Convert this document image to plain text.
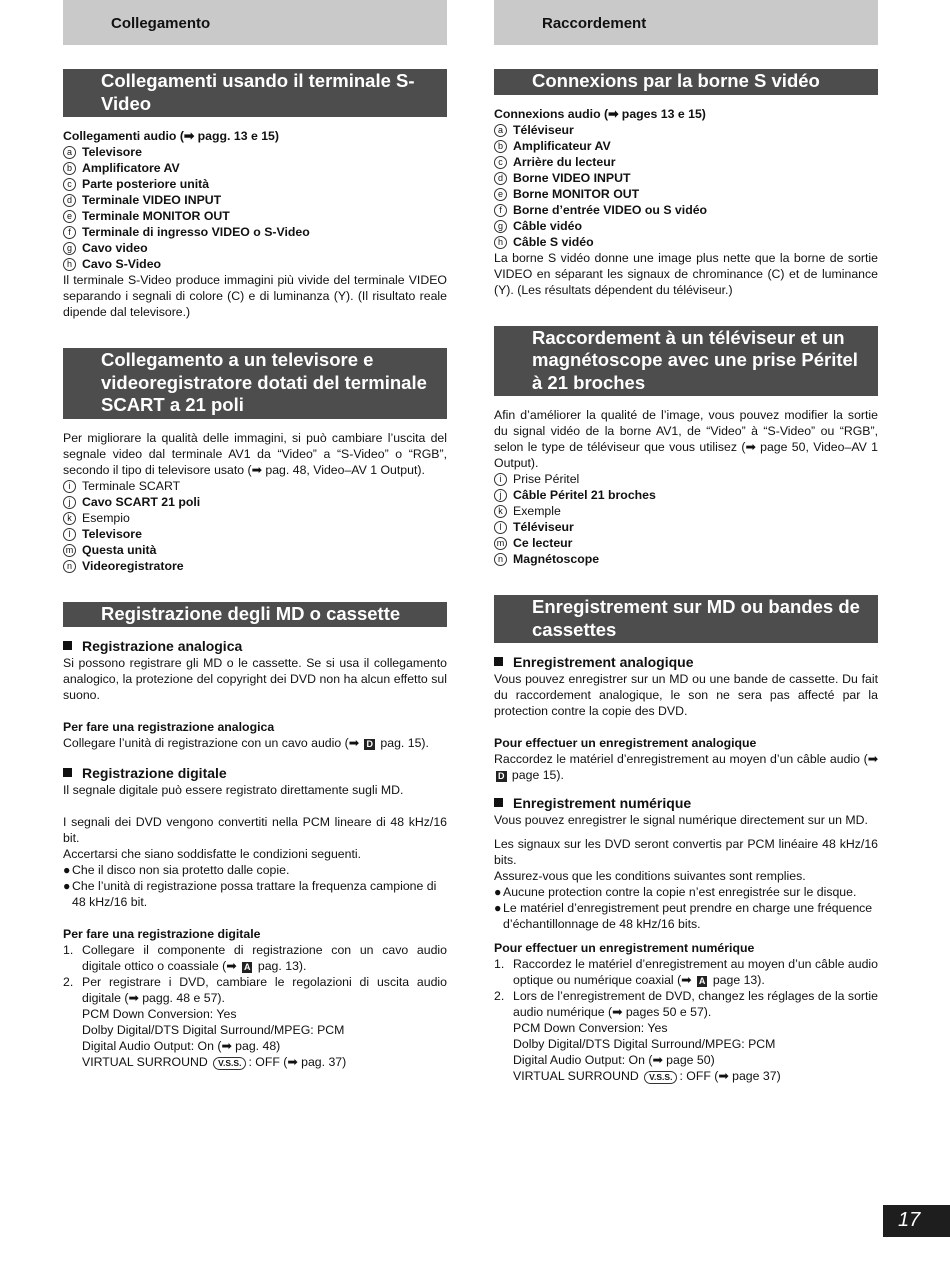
Collegamento
Collegamenti usando il terminale S-Video
Collegamenti audio (➡ pagg. 13 e 15)
a Televisore
b Amplificatore AV
c Parte posteriore unità
d Terminale VIDEO INPUT
e Terminale MONITOR OUT
f Terminale di ingresso VIDEO o S-Video
g Cavo video
h Cavo S-Video
Il terminale S-Video produce immagini più vivide del terminale VIDEO separando i segnali di colore (C) e di luminanza (Y). (Il risultato reale dipende dal televisore.)
Collegamento a un televisore e videoregistratore dotati del terminale SCART a 21 poli
Per migliorare la qualità delle immagini, si può cambiare l’uscita del segnale video dal terminale AV1 da “Video” a “S-Video” o “RGB”, secondo il tipo di televisore usato (➡ pag. 48, Video–AV 1 Output).
i Terminale SCART
j Cavo SCART 21 poli
k Esempio
l Televisore
m Questa unità
n Videoregistratore
Registrazione degli MD o cassette
Registrazione analogica
Si possono registrare gli MD o le cassette. Se si usa il collegamento analogico, la protezione del copyright dei DVD non ha alcun effetto sul suono.
Per fare una registrazione analogica
Collegare l’unità di registrazione con un cavo audio (➡ D pag. 15).
Registrazione digitale
Il segnale digitale può essere registrato direttamente sugli MD.
I segnali dei DVD vengono convertiti nella PCM lineare di 48 kHz/16 bit.
Accertarsi che siano soddisfatte le condizioni seguenti.
● Che il disco non sia protetto dalle copie.
● Che l’unità di registrazione possa trattare la frequenza campione di 48 kHz/16 bit.
Per fare una registrazione digitale
1. Collegare il componente di registrazione con un cavo audio digitale ottico o coassiale (➡ A pag. 13).
2. Per registrare i DVD, cambiare le regolazioni di uscita audio digitale (➡ pagg. 48 e 57).
PCM Down Conversion: Yes
Dolby Digital/DTS Digital Surround/MPEG: PCM
Digital Audio Output: On (➡ pag. 48)
VIRTUAL SURROUND V.S.S. : OFF (➡ pag. 37)
Raccordement
Connexions par la borne S vidéo
Connexions audio (➡ pages 13 e 15)
a Téléviseur
b Amplificateur AV
c Arrière du lecteur
d Borne VIDEO INPUT
e Borne MONITOR OUT
f Borne d’entrée VIDEO ou S vidéo
g Câble vidéo
h Câble S vidéo
La borne S vidéo donne une image plus nette que la borne de sortie VIDEO en séparant les signaux de chrominance (C) et de luminance (Y). (Les résultats dépendent du téléviseur.)
Raccordement à un téléviseur et un magnétoscope avec une prise Péritel à 21 broches
Afin d’améliorer la qualité de l’image, vous pouvez modifier la sortie du signal vidéo de la borne AV1, de “Video” à “S-Video” ou “RGB”, selon le type de téléviseur que vous utilisez (➡ page 50, Video–AV 1 Output).
i Prise Péritel
j Câble Péritel 21 broches
k Exemple
l Téléviseur
m Ce lecteur
n Magnétoscope
Enregistrement sur MD ou bandes de cassettes
Enregistrement analogique
Vous pouvez enregistrer sur un MD ou une bande de cassette. Du fait du raccordement analogique, le son ne sera pas affecté par la protection contre la copie des DVD.
Pour effectuer un enregistrement analogique
Raccordez le matériel d’enregistrement au moyen d’un câble audio (➡ D page 15).
Enregistrement numérique
Vous pouvez enregistrer le signal numérique directement sur un MD.
Les signaux sur les DVD seront convertis par PCM linéaire 48 kHz/16 bits.
Assurez-vous que les conditions suivantes sont remplies.
● Aucune protection contre la copie n’est enregistrée sur le disque.
● Le matériel d’enregistrement peut prendre en charge une fréquence d’échantillonnage de 48 kHz/16 bits.
Pour effectuer un enregistrement numérique
1. Raccordez le matériel d’enregistrement au moyen d’un câble audio optique ou numérique coaxial (➡ A page 13).
2. Lors de l’enregistrement de DVD, changez les réglages de la sortie audio numérique (➡ pages 50 e 57).
PCM Down Conversion: Yes
Dolby Digital/DTS Digital Surround/MPEG: PCM
Digital Audio Output: On (➡ page 50)
VIRTUAL SURROUND V.S.S. : OFF (➡ page 37)
17
